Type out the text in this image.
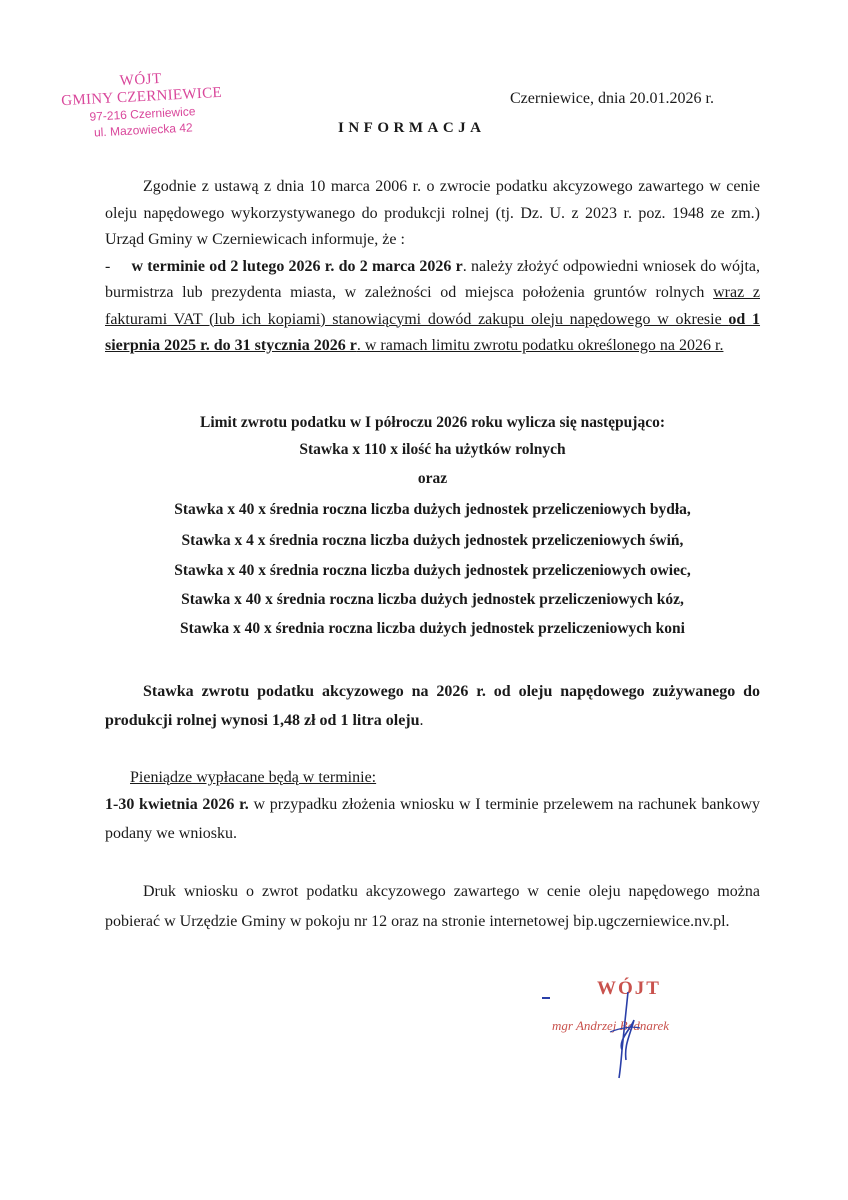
WÓJT
GMINY CZERNIEWICE
97-216 Czerniewice
ul. Mazowiecka 42
Czerniewice, dnia 20.01.2026 r.
INFORMACJA
Zgodnie z ustawą z dnia 10 marca 2006 r. o zwrocie podatku akcyzowego zawartego w cenie oleju napędowego wykorzystywanego do produkcji rolnej (tj. Dz. U. z 2023 r. poz. 1948 ze zm.) Urząd Gminy w Czerniewicach informuje, że :
- w terminie od 2 lutego 2026 r. do 2 marca 2026 r. należy złożyć odpowiedni wniosek do wójta, burmistrza lub prezydenta miasta, w zależności od miejsca położenia gruntów rolnych wraz z fakturami VAT (lub ich kopiami) stanowiącymi dowód zakupu oleju napędowego w okresie od 1 sierpnia 2025 r. do 31 stycznia 2026 r. w ramach limitu zwrotu podatku określonego na 2026 r.
Limit zwrotu podatku w I półroczu 2026 roku wylicza się następująco:
Stawka x 110 x ilość ha użytków rolnych
oraz
Stawka x 40 x średnia roczna liczba dużych jednostek przeliczeniowych bydła,
Stawka x 4 x średnia roczna liczba dużych jednostek przeliczeniowych świń,
Stawka x 40 x średnia roczna liczba dużych jednostek przeliczeniowych owiec,
Stawka x 40 x średnia roczna liczba dużych jednostek przeliczeniowych kóz,
Stawka x 40 x średnia roczna liczba dużych jednostek przeliczeniowych koni
Stawka zwrotu podatku akcyzowego na 2026 r. od oleju napędowego zużywanego do produkcji rolnej wynosi 1,48 zł od 1 litra oleju.
Pieniądze wypłacane będą w terminie:
1-30 kwietnia 2026 r. w przypadku złożenia wniosku w I terminie przelewem na rachunek bankowy podany we wniosku.
Druk wniosku o zwrot podatku akcyzowego zawartego w cenie oleju napędowego można pobierać w Urzędzie Gminy w pokoju nr 12 oraz na stronie internetowej bip.ugczerniewice.nv.pl.
WÓJT
mgr Andrzej Bednarek
